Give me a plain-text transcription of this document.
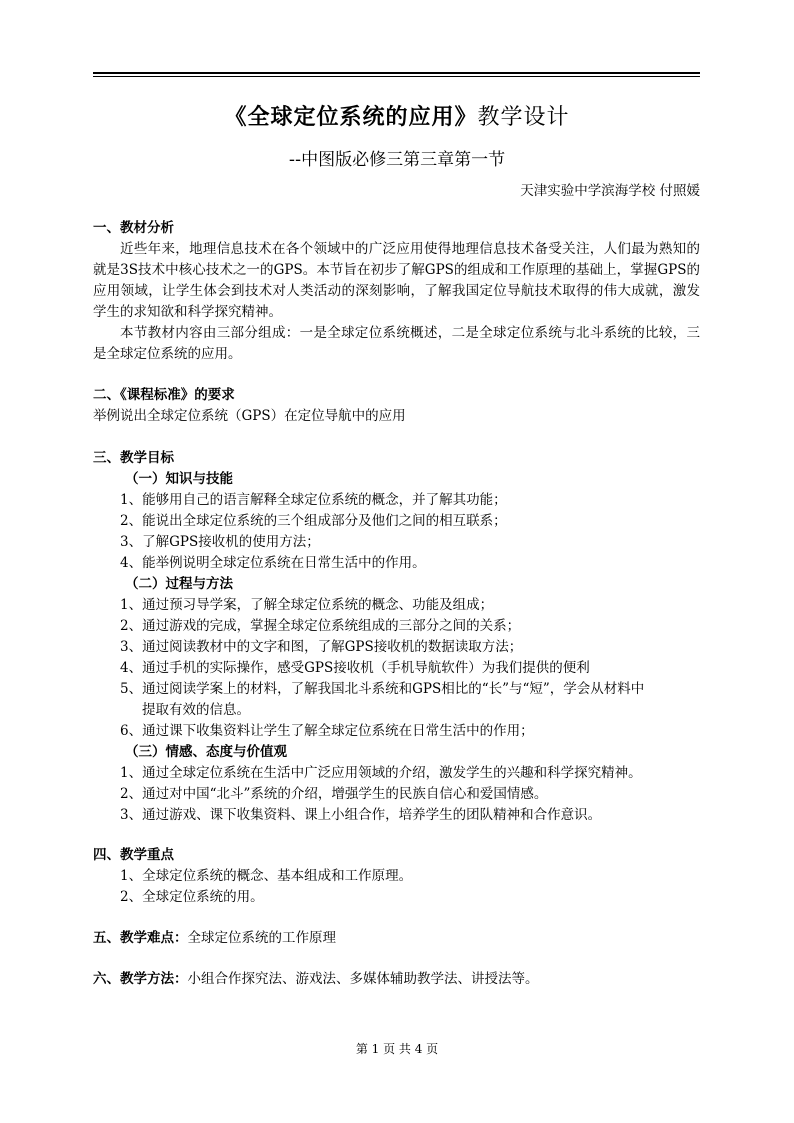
《全球定位系统的应用》教学设计
--中图版必修三第三章第一节
天津实验中学滨海学校 付照媛
一、教材分析
近些年来，地理信息技术在各个领域中的广泛应用使得地理信息技术备受关注，人们最为熟知的就是3S技术中核心技术之一的GPS。本节旨在初步了解GPS的组成和工作原理的基础上，掌握GPS的应用领域，让学生体会到技术对人类活动的深刻影响，了解我国定位导航技术取得的伟大成就，激发学生的求知欲和科学探究精神。
本节教材内容由三部分组成：一是全球定位系统概述，二是全球定位系统与北斗系统的比较，三是全球定位系统的应用。
二、《课程标准》的要求
举例说出全球定位系统（GPS）在定位导航中的应用
三、教学目标
（一）知识与技能
1、能够用自己的语言解释全球定位系统的概念，并了解其功能；
2、能说出全球定位系统的三个组成部分及他们之间的相互联系；
3、了解GPS接收机的使用方法；
4、能举例说明全球定位系统在日常生活中的作用。
（二）过程与方法
1、通过预习导学案，了解全球定位系统的概念、功能及组成；
2、通过游戏的完成，掌握全球定位系统组成的三部分之间的关系；
3、通过阅读教材中的文字和图，了解GPS接收机的数据读取方法；
4、通过手机的实际操作，感受GPS接收机（手机导航软件）为我们提供的便利
5、通过阅读学案上的材料，了解我国北斗系统和GPS相比的“长”与“短”，学会从材料中
提取有效的信息。
6、通过课下收集资料让学生了解全球定位系统在日常生活中的作用；
（三）情感、态度与价值观
1、通过全球定位系统在生活中广泛应用领域的介绍，激发学生的兴趣和科学探究精神。
2、通过对中国“北斗”系统的介绍，增强学生的民族自信心和爱国情感。
3、通过游戏、课下收集资料、课上小组合作，培养学生的团队精神和合作意识。
四、教学重点
1、全球定位系统的概念、基本组成和工作原理。
2、全球定位系统的用。
五、教学难点：全球定位系统的工作原理
六、教学方法：小组合作探究法、游戏法、多媒体辅助教学法、讲授法等。
第 1 页 共 4 页
